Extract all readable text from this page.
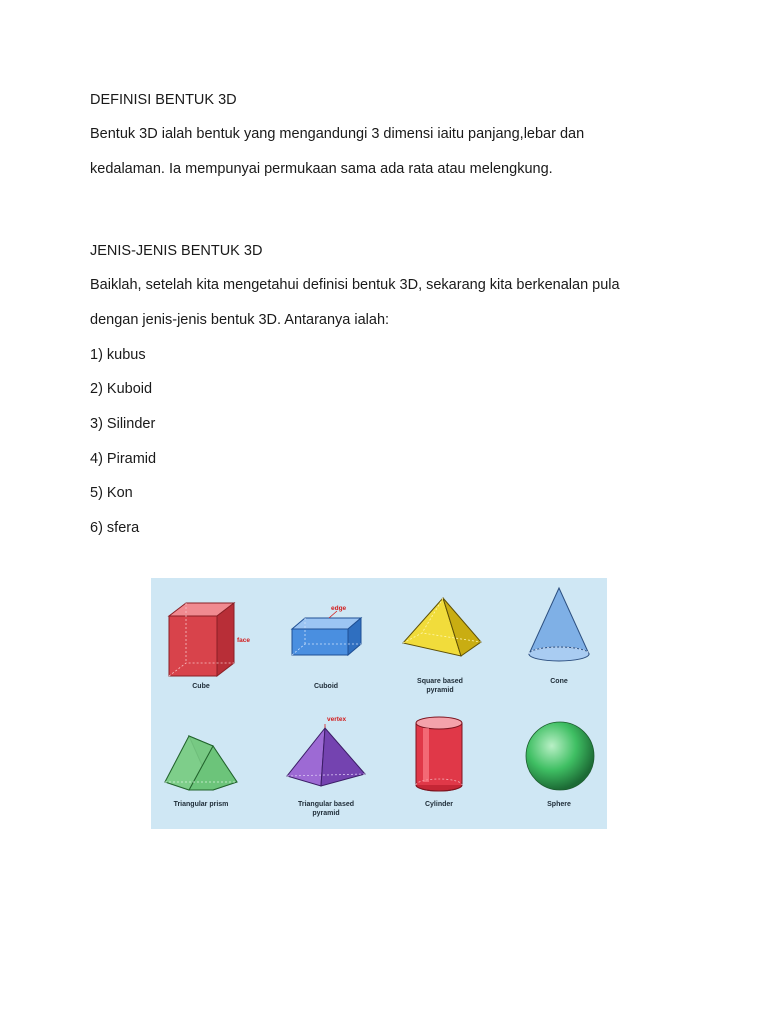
DEFINISI BENTUK 3D
Bentuk 3D ialah bentuk yang mengandungi 3 dimensi iaitu panjang,lebar dan
kedalaman. Ia mempunyai permukaan sama ada rata atau melengkung.
JENIS-JENIS BENTUK 3D
Baiklah, setelah kita mengetahui definisi bentuk 3D, sekarang kita berkenalan pula
dengan jenis-jenis bentuk 3D. Antaranya ialah:
1) kubus
2) Kuboid
3) Silinder
4) Piramid
5) Kon
6) sfera
face
edge
vertex
Cube	Cuboid
Square based
pyramid
Cone
Triangular prism	Triangular based
pyramid
Cylinder	Sphere
